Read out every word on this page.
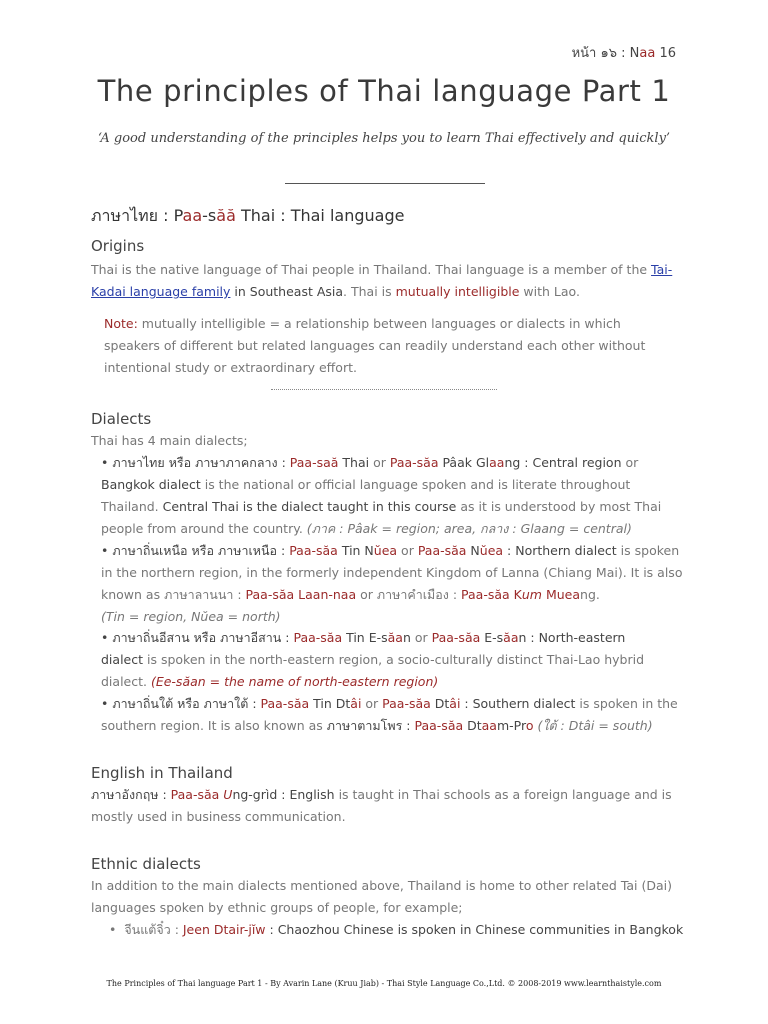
หน้า ๑๖ : Naa 16
The principles of Thai language Part 1
‘A good understanding of the principles helps you to learn Thai effectively and quickly’
ภาษาไทย : Paa-săă Thai : Thai language
Origins
Thai is the native language of Thai people in Thailand. Thai language is a member of the Tai-
Kadai language family in Southeast Asia. Thai is mutually intelligible with Lao.
Note: mutually intelligible = a relationship between languages or dialects in which speakers of different but related languages can readily understand each other without intentional study or extraordinary effort.
Dialects
Thai has 4 main dialects;
• ภาษาไทย หรือ ภาษาภาคกลาง : Paa-saă Thai or Paa-săa Pâak Glaang : Central region or
Bangkok dialect is the national or official language spoken and is literate throughout Thailand. Central Thai is the dialect taught in this course as it is understood by most Thai people from around the country. (ภาค : Pâak = region; area, กลาง : Glaang = central)
• ภาษาถิ่นเหนือ หรือ ภาษาเหนือ : Paa-săa Tin Nŭea or Paa-săa Nŭea : Northern dialect is spoken in the northern region, in the formerly independent Kingdom of Lanna (Chiang Mai). It is also known as ภาษาลานนา : Paa-săa Laan-naa or ภาษาคำเมือง : Paa-săa Kum Mueang.
(Tin = region, Nŭea = north)
• ภาษาถิ่นอีสาน หรือ ภาษาอีสาน : Paa-săa Tin E-săan or Paa-săa E-săan : North-eastern
dialect is spoken in the north-eastern region, a socio-culturally distinct Thai-Lao hybrid dialect. (Ee-săan = the name of north-eastern region)
• ภาษาถิ่นใต้ หรือ ภาษาใต้ : Paa-săa Tin Dtâi or Paa-săa Dtâi : Southern dialect is spoken in the southern region. It is also known as ภาษาตามโพร : Paa-săa Dtaam-Pro (ใต้ : Dtâi = south)
English in Thailand
ภาษาอังกฤษ : Paa-săa Ung-grìd : English is taught in Thai schools as a foreign language and is mostly used in business communication.
Ethnic dialects
In addition to the main dialects mentioned above, Thailand is home to other related Tai (Dai) languages spoken by ethnic groups of people, for example;
•  จีนแต้จิ๋ว : Jeen Dtair-jĭw : Chaozhou Chinese is spoken in Chinese communities in Bangkok
The Principles of Thai language Part 1 - By Avarin Lane (Kruu Jiab) - Thai Style Language Co.,Ltd. © 2008-2019 www.learnthaistyle.com
